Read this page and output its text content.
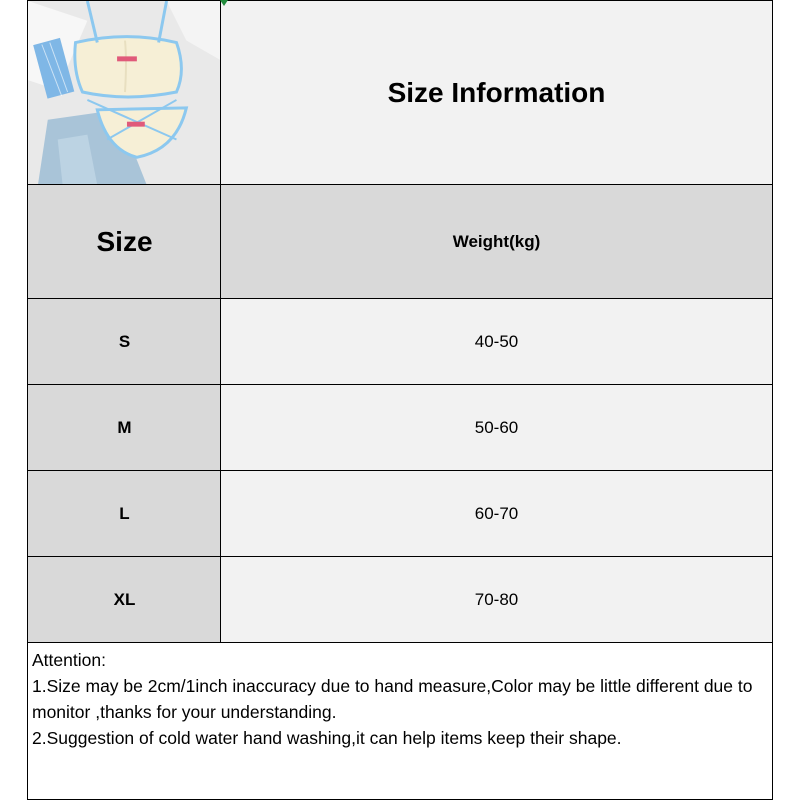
Size Information
Size	Weight(kg)
S	40-50
M	50-60
L	60-70
XL	70-80
Attention:
1.Size may be 2cm/1inch inaccuracy due to hand measure,Color may be little different due to monitor ,thanks for your understanding.
2.Suggestion of cold water hand washing,it can help items keep their shape.
